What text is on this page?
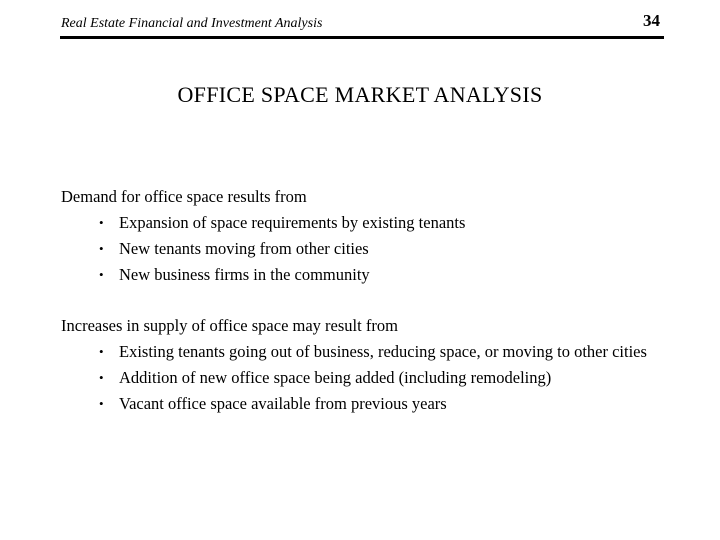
Real Estate Financial and Investment Analysis	34
OFFICE SPACE MARKET ANALYSIS

Demand for office space results from

• Expansion of space requirements by existing tenants
• New tenants moving from other cities
• New business firms in the community

Increases in supply of office space may result from

• Existing tenants going out of business, reducing space, or moving to other cities
• Addition of new office space being added (including remodeling)
• Vacant office space available from previous years
